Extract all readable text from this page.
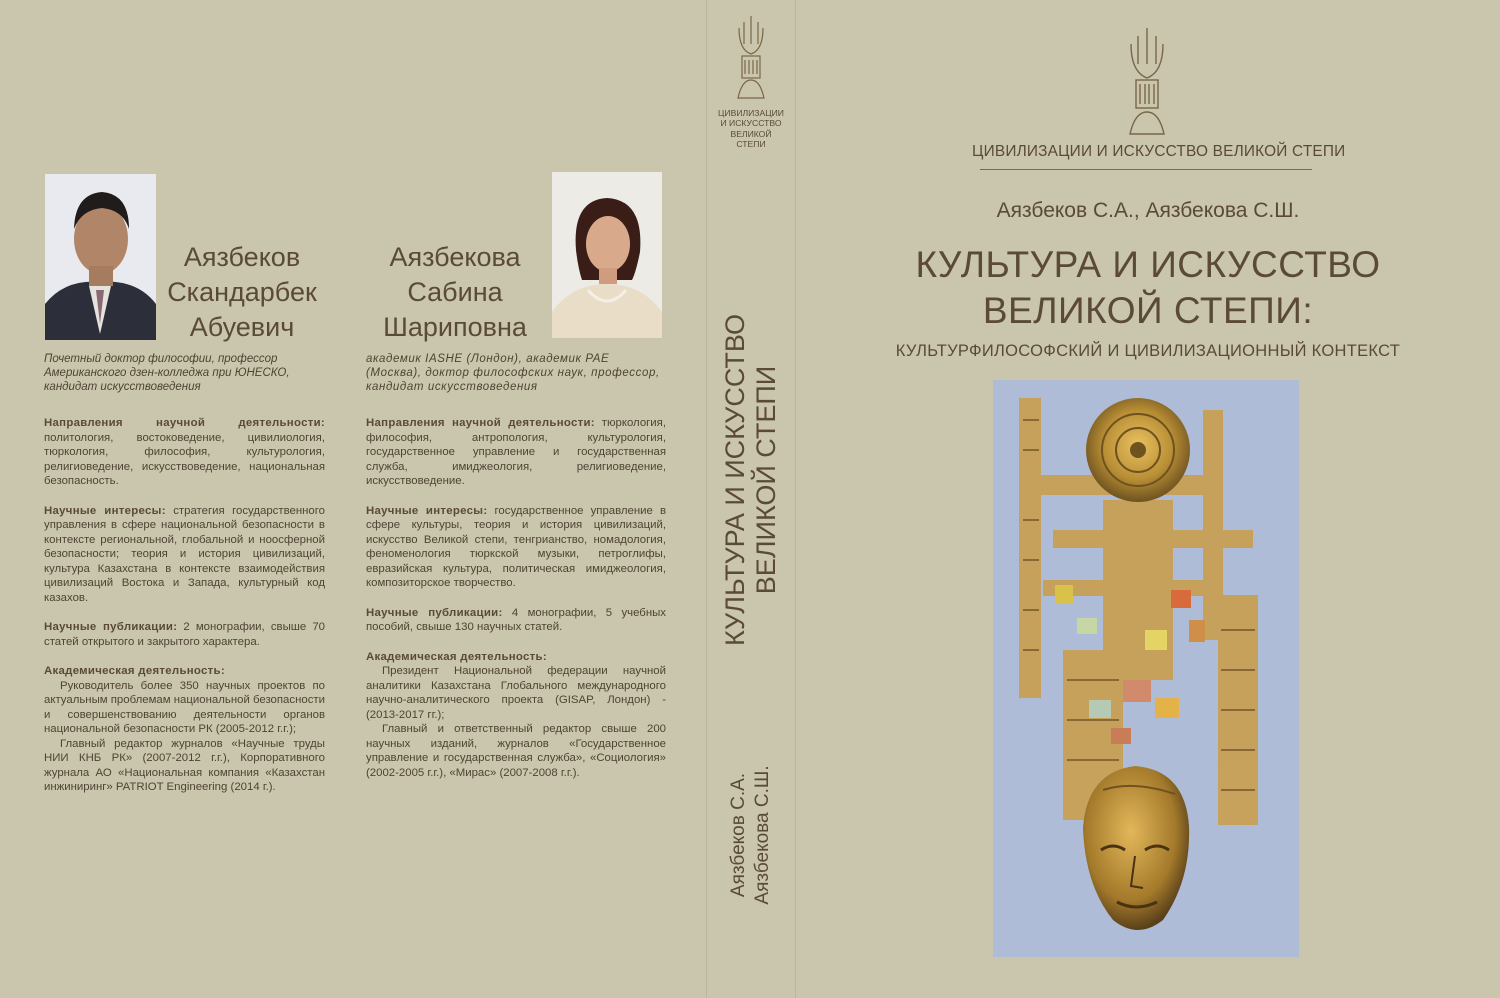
Аязбеков
Скандарбек
Абуевич

Почетный доктор философии, профессор Американского дзен-колледжа при ЮНЕСКО, кандидат искусствоведения

Направления научной деятельности: политология, востоковедение, цивилиология, тюркология, философия, культурология, религиоведение, искусствоведение, национальная безопасность.

Научные интересы: стратегия государственного управления в сфере национальной безопасности в контексте региональной, глобальной и ноосферной безопасности; теория и история цивилизаций, культура Казахстана в контексте взаимодействия цивилизаций Востока и Запада, культурный код казахов.

Научные публикации: 2 монографии, свыше 70 статей открытого и закрытого характера.

Академическая деятельность:
Руководитель более 350 научных проектов по актуальным проблемам национальной безопасности и совершенствованию деятельности органов национальной безопасности РК (2005-2012 г.г.);
Главный редактор журналов «Научные труды НИИ КНБ РК» (2007-2012 г.г.), Корпоративного журнала АО «Национальная компания «Казахстан инжиниринг» PATRIOT Engineering (2014 г.).

Аязбекова
Сабина
Шариповна

академик IASHE (Лондон), академик РАЕ (Москва), доктор философских наук, профессор, кандидат искусствоведения

Направления научной деятельности: тюркология, философия, антропология, культурология, государственное управление и государственная служба, имиджеология, религиоведение, искусствоведение.

Научные интересы: государственное управление в сфере культуры, теория и история цивилизаций, искусство Великой степи, тенгрианство, номадология, феноменология тюркской музыки, петроглифы, евразийская культура, политическая имиджеология, композиторское творчество.

Научные публикации: 4 монографии, 5 учебных пособий, свыше 130 научных статей.

Академическая деятельность:
Президент Национальной федерации научной аналитики Казахстана Глобального международного научно-аналитического проекта (GISAP, Лондон) - (2013-2017 гг.);
Главный и ответственный редактор свыше 200 научных изданий, журналов «Государственное управление и государственная служба», «Социология» (2002-2005 г.г.), «Мирас» (2007-2008 г.г.).

ЦИВИЛИЗАЦИИ
И ИСКУССТВО
ВЕЛИКОЙ
СТЕПИ
КУЛЬТУРА И ИСКУССТВО ВЕЛИКОЙ СТЕПИ
Аязбеков С.А. Аязбекова С.Ш.
ЦИВИЛИЗАЦИИ И ИСКУССТВО ВЕЛИКОЙ СТЕПИ
Аязбеков С.А., Аязбекова С.Ш.
КУЛЬТУРА И ИСКУССТВО
ВЕЛИКОЙ СТЕПИ:
КУЛЬТУРФИЛОСОФСКИЙ И ЦИВИЛИЗАЦИОННЫЙ КОНТЕКСТ
